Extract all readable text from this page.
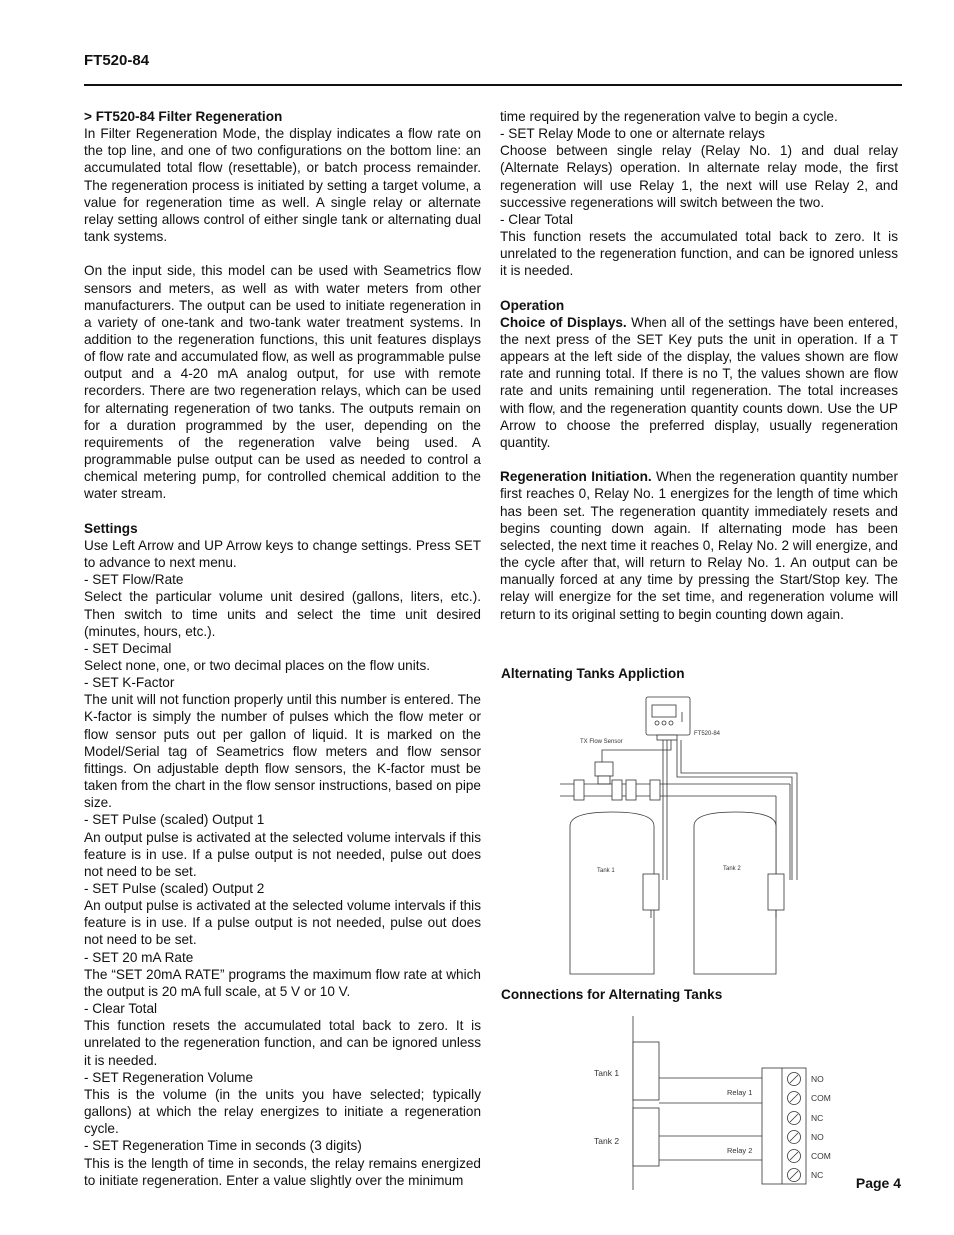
FT520-84
> FT520-84 Filter Regeneration

In Filter Regeneration Mode, the display indicates a flow rate on the top line, and one of two configurations on the bottom line: an accumulated total flow (resettable), or batch process remainder. The regeneration process is initiated by setting a target volume, a value for regeneration time as well. A single relay or alternate relay setting allows control of either single tank or alternating dual tank systems.

On the input side, this model can be used with Seametrics flow sensors and meters, as well as with water meters from other manufacturers. The output can be used to initiate regeneration in a variety of one-tank and two-tank water treatment systems. In addition to the regeneration functions, this unit features displays of flow rate and accumulated flow, as well as programmable pulse output and a 4-20 mA analog output, for use with remote recorders. There are two regeneration relays, which can be used for alternating regeneration of two tanks. The outputs remain on for a duration programmed by the user, depending on the requirements of the regeneration valve being used. A programmable pulse output can be used as needed to control a chemical metering pump, for controlled chemical addition to the water stream.

Settings

Use Left Arrow and UP Arrow keys to change settings. Press SET to advance to next menu.

- SET Flow/Rate

Select the particular volume unit desired (gallons, liters, etc.). Then switch to time units and select the time unit desired (minutes, hours, etc.).

- SET Decimal

Select none, one, or two decimal places on the flow units.

- SET K-Factor

The unit will not function properly until this number is entered. The K-factor is simply the number of pulses which the flow meter or flow sensor puts out per gallon of liquid. It is marked on the Model/Serial tag of Seametrics flow meters and flow sensor fittings. On adjustable depth flow sensors, the K-factor must be taken from the chart in the flow sensor instructions, based on pipe size.

- SET Pulse (scaled) Output 1

An output pulse is activated at the selected volume intervals if this feature is in use. If a pulse output is not needed, pulse out does not need to be set.

- SET Pulse (scaled) Output 2

An output pulse is activated at the selected volume intervals if this feature is in use. If a pulse output is not needed, pulse out does not need to be set.

- SET 20 mA Rate

The “SET 20mA RATE” programs the maximum flow rate at which the output is 20 mA full scale, at 5 V or 10 V.

- Clear Total

This function resets the accumulated total back to zero. It is unrelated to the regeneration function, and can be ignored unless it is needed.

- SET Regeneration Volume

This is the volume (in the units you have selected; typically gallons) at which the relay energizes to initiate a regeneration cycle.

- SET Regeneration Time in seconds (3 digits)

This is the length of time in seconds, the relay remains energized to initiate regeneration. Enter a value slightly over the minimum

time required by the regeneration valve to begin a cycle.

- SET Relay Mode to one or alternate relays

Choose between single relay (Relay No. 1) and dual relay (Alternate Relays) operation. In alternate relay mode, the first regeneration will use Relay 1, the next will use Relay 2, and successive regenerations will switch between the two.

- Clear Total

This function resets the accumulated total back to zero. It is unrelated to the regeneration function, and can be ignored unless it is needed.

Operation

Choice of Displays. When all of the settings have been entered, the next press of the SET Key puts the unit in operation. If a T appears at the left side of the display, the values shown are flow rate and running total. If there is no T, the values shown are flow rate and units remaining until regeneration. The total increases with flow, and the regeneration quantity counts down. Use the UP Arrow to choose the preferred display, usually regeneration quantity.

Regeneration Initiation. When the regeneration quantity number first reaches 0, Relay No. 1 energizes for the length of time which has been set. The regeneration quantity immediately resets and begins counting down again. If alternating mode has been selected, the next time it reaches 0, Relay No. 2 will energize, and the cycle after that, will return to Relay No. 1. An output can be manually forced at any time by pressing the Start/Stop key. The relay will energize for the set time, and regeneration volume will return to its original setting to begin counting down again.

Alternating Tanks Appliction
TX Flow Sensor
FT520-84
Tank 1	Tank 2
Connections for Alternating Tanks
Tank 1
Tank 2
Relay 1
Relay 2
NO
COM
NC
NO
COM
NC Page 4
